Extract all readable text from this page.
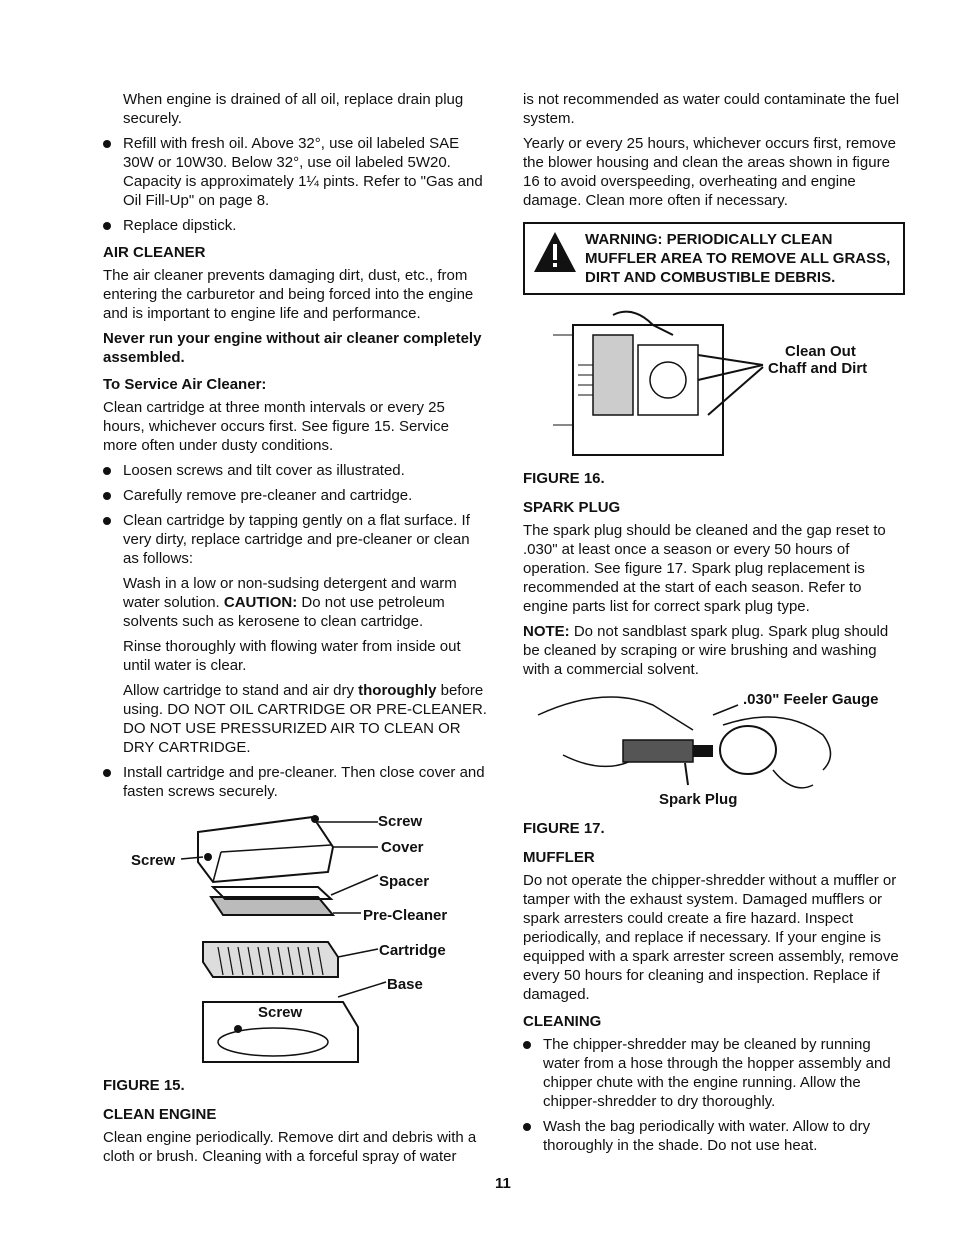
When engine is drained of all oil, replace drain plug securely.

Refill with fresh oil. Above 32°, use oil labeled SAE 30W or 10W30. Below 32°, use oil labeled 5W20. Capacity is approximately 1¼ pints. Refer to "Gas and Oil Fill-Up" on page 8.
Replace dipstick.
AIR CLEANER

The air cleaner prevents damaging dirt, dust, etc., from entering the carburetor and being forced into the engine and is important to engine life and performance.

Never run your engine without air cleaner completely assembled.

To Service Air Cleaner:

Clean cartridge at three month intervals or every 25 hours, whichever occurs first. See figure 15. Service more often under dusty conditions.

Loosen screws and tilt cover as illustrated.
Carefully remove pre-cleaner and cartridge.
Clean cartridge by tapping gently on a flat surface. If very dirty, replace cartridge and pre-cleaner or clean as follows:

Wash in a low or non-sudsing detergent and warm water solution. CAUTION: Do not use petroleum solvents such as kerosene to clean cartridge.

Rinse thoroughly with flowing water from inside out until water is clear.

Allow cartridge to stand and air dry thoroughly before using. DO NOT OIL CARTRIDGE OR PRE-CLEANER. DO NOT USE PRESSURIZED AIR TO CLEAN OR DRY CARTRIDGE.

Install cartridge and pre-cleaner. Then close cover and fasten screws securely.
Screw
Screw
Cover
Spacer
Pre-Cleaner
Cartridge
Base
Screw
FIGURE 15.
CLEAN ENGINE

Clean engine periodically. Remove dirt and debris with a cloth or brush. Cleaning with a forceful spray of water

is not recommended as water could contaminate the fuel system.

Yearly or every 25 hours, whichever occurs first, remove the blower housing and clean the areas shown in figure 16 to avoid overspeeding, overheating and engine damage. Clean more often if necessary.

WARNING: PERIODICALLY CLEAN MUFFLER AREA TO REMOVE ALL GRASS, DIRT AND COMBUSTIBLE DEBRIS.
Clean Out
Chaff and Dirt
FIGURE 16.
SPARK PLUG

The spark plug should be cleaned and the gap reset to .030" at least once a season or every 50 hours of operation. See figure 17. Spark plug replacement is recommended at the start of each season. Refer to engine parts list for correct spark plug type.

NOTE: Do not sandblast spark plug. Spark plug should be cleaned by scraping or wire brushing and washing with a commercial solvent.

.030" Feeler Gauge
Spark Plug
FIGURE 17.
MUFFLER

Do not operate the chipper-shredder without a muffler or tamper with the exhaust system. Damaged mufflers or spark arresters could create a fire hazard. Inspect periodically, and replace if necessary. If your engine is equipped with a spark arrester screen assembly, remove every 50 hours for cleaning and inspection. Replace if damaged.

CLEANING
The chipper-shredder may be cleaned by running water from a hose through the hopper assembly and chipper chute with the engine running. Allow the chipper-shredder to dry thoroughly.
Wash the bag periodically with water. Allow to dry thoroughly in the shade. Do not use heat.
11
